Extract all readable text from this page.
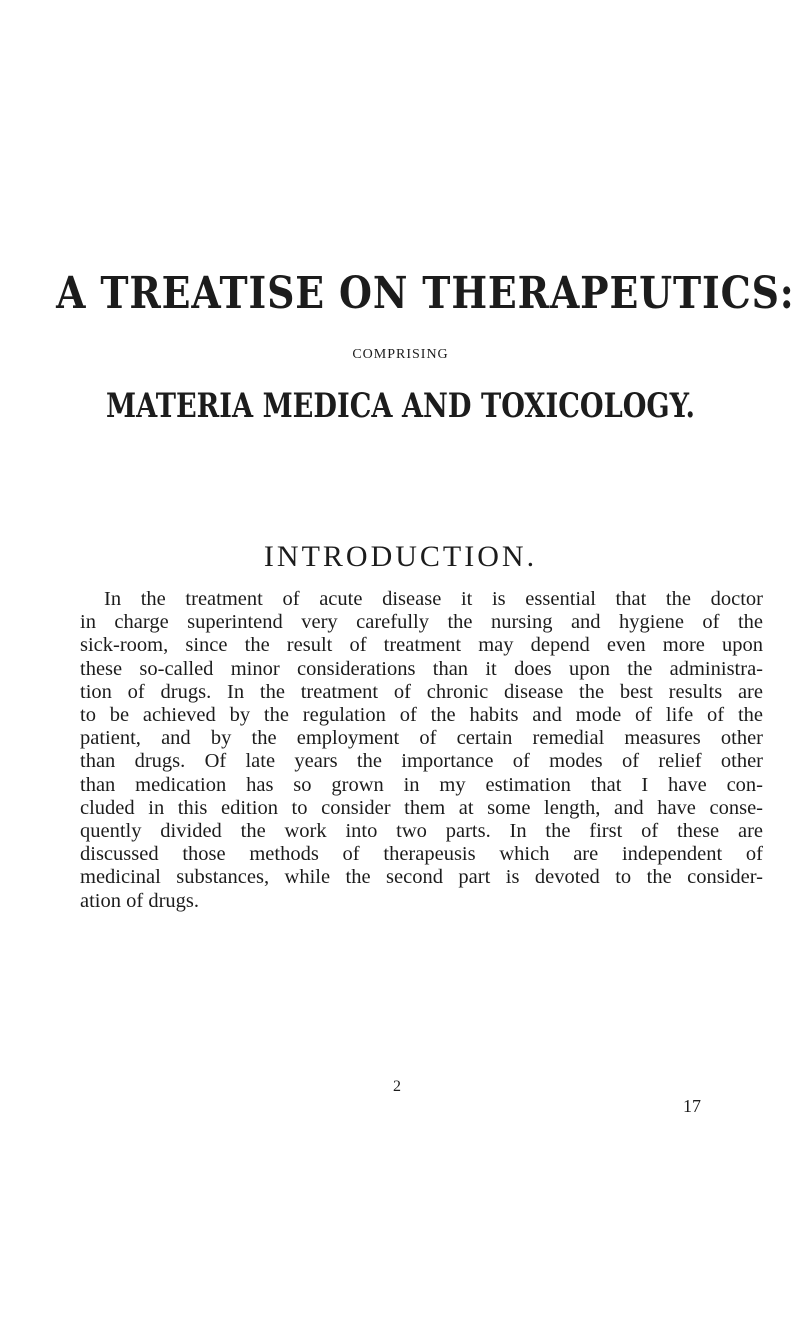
A TREATISE ON THERAPEUTICS:
COMPRISING
MATERIA MEDICA AND TOXICOLOGY.
INTRODUCTION.
In the treatment of acute disease it is essential that the doctor
in charge superintend very carefully the nursing and hygiene of the
sick-room, since the result of treatment may depend even more upon
these so-called minor considerations than it does upon the administra-
tion of drugs. In the treatment of chronic disease the best results are
to be achieved by the regulation of the habits and mode of life of the
patient, and by the employment of certain remedial measures other
than drugs. Of late years the importance of modes of relief other
than medication has so grown in my estimation that I have con-
cluded in this edition to consider them at some length, and have conse-
quently divided the work into two parts. In the first of these are
discussed those methods of therapeusis which are independent of
medicinal substances, while the second part is devoted to the consider-
ation of drugs.
2
17
